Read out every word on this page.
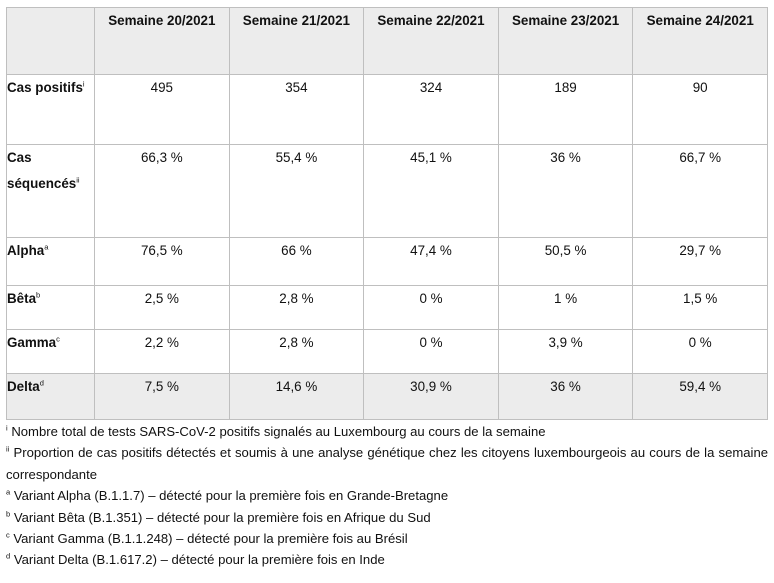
	Semaine 20/2021	Semaine 21/2021	Semaine 22/2021	Semaine 23/2021	Semaine 24/2021
Cas positifs$^i$	495	354	324	189	90
Cas séquencés$^{ii}$	66,3 %	55,4 %	45,1 %	36 %	66,7 %
Alpha$^a$	76,5 %	66 %	47,4 %	50,5 %	29,7 %
Bêta$^b$	2,5 %	2,8 %	0 %	1 %	1,5 %
Gamma$^c$	2,2 %	2,8 %	0 %	3,9 %	0 %
Delta$^d$	7,5 %	14,6 %	30,9 %	36 %	59,4 %

$^i$ Nombre total de tests SARS-CoV-2 positifs signalés au Luxembourg au cours de la semaine

$^{ii}$ Proportion de cas positifs détectés et soumis à une analyse génétique chez les citoyens luxembourgeois au cours de la semaine correspondante

$^a$ Variant Alpha (B.1.1.7) – détecté pour la première fois en Grande-Bretagne

$^b$ Variant Bêta (B.1.351) – détecté pour la première fois en Afrique du Sud

$^c$ Variant Gamma (B.1.1.248) – détecté pour la première fois au Brésil

$^d$ Variant Delta (B.1.617.2) – détecté pour la première fois en Inde
